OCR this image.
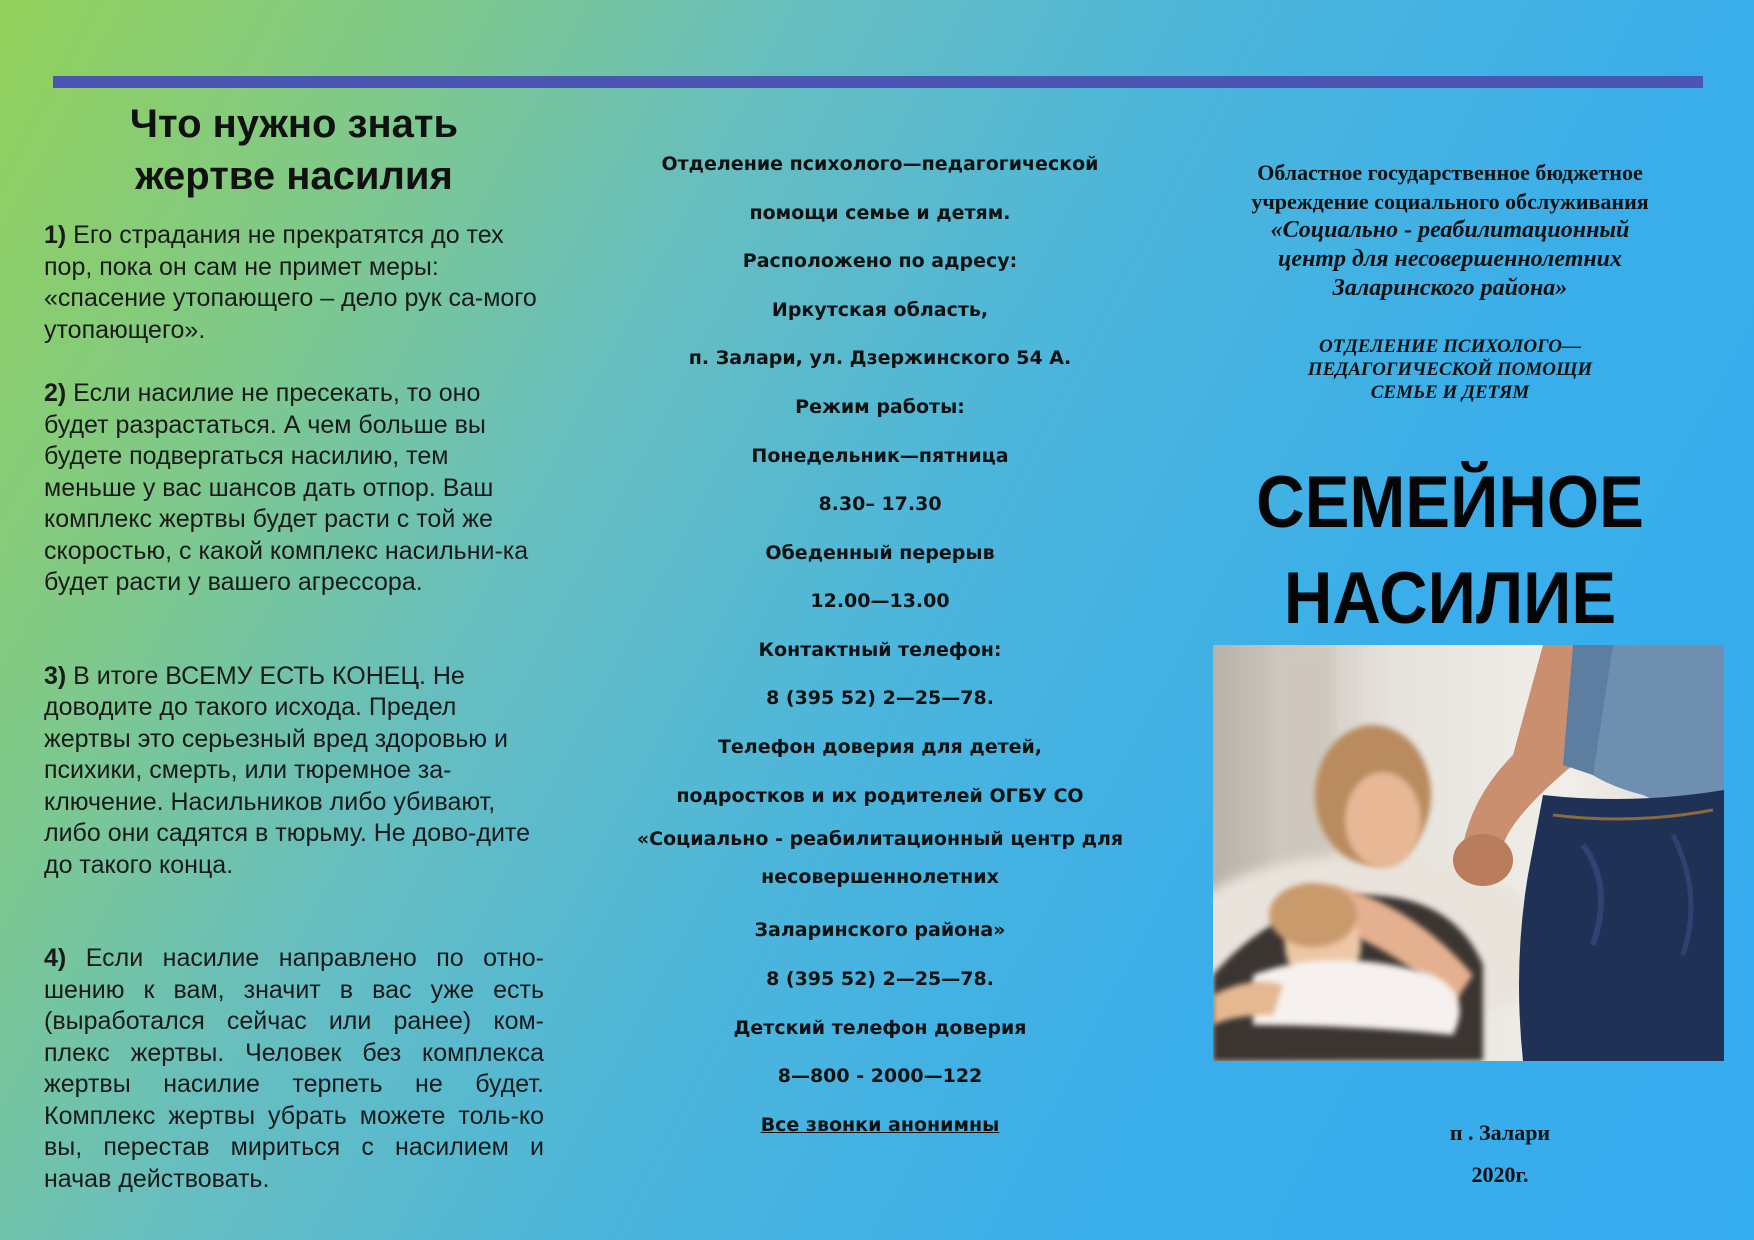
Что нужно знать
жертве насилия

1) Его страдания не прекратятся до тех пор, пока он сам не примет меры: «спасение утопающего – дело рук са-мого утопающего».

2) Если насилие не пресекать, то оно будет разрастаться. А чем больше вы будете подвергаться насилию, тем меньше у вас шансов дать отпор. Ваш комплекс жертвы будет расти с той же скоростью, с какой комплекс насильни-ка будет расти у вашего агрессора.

3) В итоге ВСЕМУ ЕСТЬ КОНЕЦ. Не доводите до такого исхода. Предел жертвы это серьезный вред здоровью и психики, смерть, или тюремное за-ключение. Насильников либо убивают, либо они садятся в тюрьму. Не дово-дите до такого конца.

4) Если насилие направлено по отно-шению к вам, значит в вас уже есть (выработался сейчас или ранее) ком-плекс жертвы. Человек без комплекса жертвы насилие терпеть не будет. Комплекс жертвы убрать можете толь-ко вы, перестав мириться с насилием и начав действовать.

Отделение психолого—педагогической
помощи семье и детям.
Расположено по адресу:
Иркутская область,
п. Залари, ул. Дзержинского 54 А.
Режим работы:
Понедельник—пятница
8.30– 17.30
Обеденный перерыв
12.00—13.00
Контактный телефон:
8 (395 52) 2—25—78.
Телефон доверия для детей,
подростков и их родителей ОГБУ СО
«Социально - реабилитационный центр для
несовершеннолетних
Заларинского района»
8 (395 52) 2—25—78.
Детский телефон доверия
8—800 - 2000—122
Все звонки анонимны
Областное государственное бюджетное
учреждение социального обслуживания
«Социально - реабилитационный
центр для несовершеннолетних
Заларинского района»
ОТДЕЛЕНИЕ ПСИХОЛОГО—
ПЕДАГОГИЧЕСКОЙ ПОМОЩИ
СЕМЬЕ И ДЕТЯМ
СЕМЕЙНОЕ
НАСИЛИЕ
п . Залари
2020г.
